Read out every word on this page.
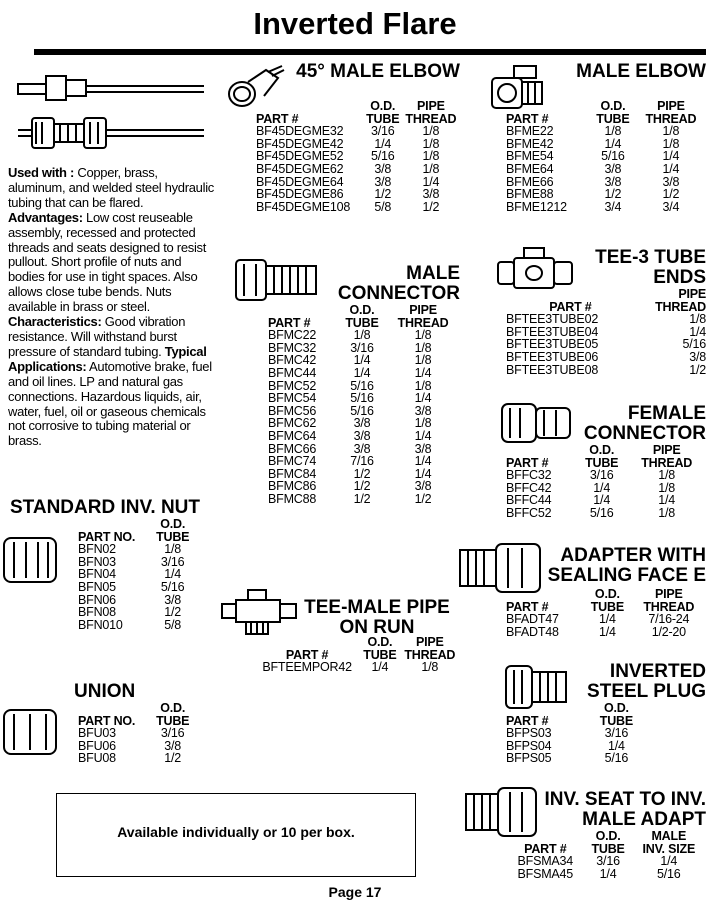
Inverted Flare
Used with : Copper, brass, aluminum, and welded steel hydraulic tubing that can be flared. Advantages: Low cost reuseable assembly, recessed and protected threads and seats designed to resist pullout. Short profile of nuts and bodies for use in tight spaces. Also allows close tube bends. Nuts available in brass or steel. Characteristics: Good vibration resistance. Will withstand burst pressure of standard tubing. Typical Applications: Automotive brake, fuel and oil lines. LP and natural gas connections. Hazardous liquids, air, water, fuel, oil or gaseous chemicals not corrosive to tubing material or brass.
STANDARD INV. NUT
	O.D.
PART NO.	TUBE
BFN02	1/8
BFN03	3/16
BFN04	1/4
BFN05	5/16
BFN06	3/8
BFN08	1/2
BFN010	5/8
UNION
	O.D.
PART NO.	TUBE
BFU03	3/16
BFU06	3/8
BFU08	1/2
45° MALE ELBOW
	O.D.	PIPE
PART #	TUBE	THREAD
BF45DEGME32	3/16	1/8
BF45DEGME42	1/4	1/8
BF45DEGME52	5/16	1/8
BF45DEGME62	3/8	1/8
BF45DEGME64	3/8	1/4
BF45DEGME86	1/2	3/8
BF45DEGME108	5/8	1/2
MALE
CONNECTOR
	O.D.	PIPE
PART #	TUBE	THREAD
BFMC22	1/8	1/8
BFMC32	3/16	1/8
BFMC42	1/4	1/8
BFMC44	1/4	1/4
BFMC52	5/16	1/8
BFMC54	5/16	1/4
BFMC56	5/16	3/8
BFMC62	3/8	1/8
BFMC64	3/8	1/4
BFMC66	3/8	3/8
BFMC74	7/16	1/4
BFMC84	1/2	1/4
BFMC86	1/2	3/8
BFMC88	1/2	1/2
TEE-MALE PIPE
ON RUN
	O.D.	PIPE
PART #	TUBE	THREAD
BFTEEMPOR42	1/4	1/8
MALE ELBOW
	O.D.	PIPE
PART #	TUBE	THREAD
BFME22	1/8	1/8
BFME42	1/4	1/8
BFME54	5/16	1/4
BFME64	3/8	1/4
BFME66	3/8	3/8
BFME88	1/2	1/2
BFME1212	3/4	3/4
TEE-3 TUBE
ENDS
	PIPE
PART #	THREAD
BFTEE3TUBE02	1/8
BFTEE3TUBE04	1/4
BFTEE3TUBE05	5/16
BFTEE3TUBE06	3/8
BFTEE3TUBE08	1/2
FEMALE
CONNECTOR
	O.D.	PIPE
PART #	TUBE	THREAD
BFFC32	3/16	1/8
BFFC42	1/4	1/8
BFFC44	1/4	1/4
BFFC52	5/16	1/8
ADAPTER WITH
SEALING FACE E
	O.D.	PIPE
PART #	TUBE	THREAD
BFADT47	1/4	7/16-24
BFADT48	1/4	1/2-20
INVERTED
STEEL PLUG
	O.D.
PART #	TUBE
BFPS03	3/16
BFPS04	1/4
BFPS05	5/16
INV. SEAT TO INV.
MALE ADAPT
	O.D.	MALE
PART #	TUBE	INV. SIZE
BFSMA34	3/16	1/4
BFSMA45	1/4	5/16
Available individually or 10 per box.
Page 17
